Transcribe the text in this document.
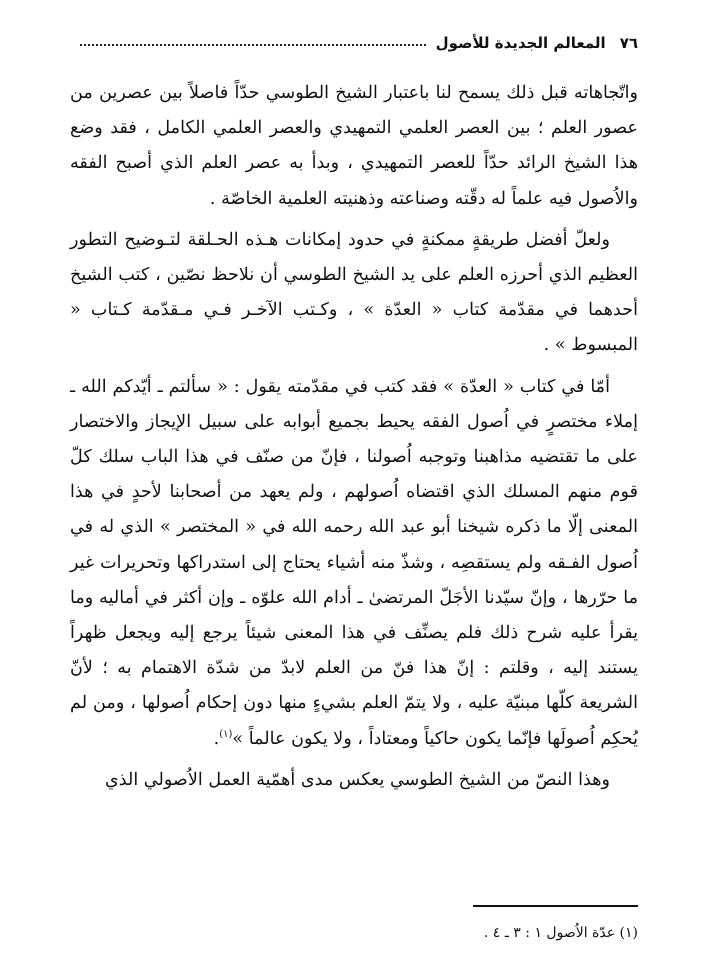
٧٦
المعالم الجديدة للأصول

واتّجاهاته قبل ذلك يسمح لنا باعتبار الشيخ الطوسي حدّاً فاصلاً بين عصرين من عصور العلم ؛ بين العصر العلمي التمهيدي والعصر العلمي الكامل ، فقد وضع هذا الشيخ الرائد حدّاً للعصر التمهيدي ، وبدأ به عصر العلم الذي أصبح الفقه والاُصول فيه علماً له دقّته وصناعته وذهنيته العلمية الخاصّة .

ولعلّ أفضل طريقةٍ ممكنةٍ في حدود إمكانات هـذه الحـلقة لتـوضيح التطور العظيم الذي أحرزه العلم على يد الشيخ الطوسي أن نلاحظ نصّين ، كتب الشيخ أحدهما في مقدّمة كتاب « العدّة » ، وكـتب الآخـر فـي مـقدّمة كـتاب « المبسوط » .

أمّا في كتاب « العدّة » فقد كتب في مقدّمته يقول : « سألتم ـ أيّدكم الله ـ إملاء مختصرٍ في اُصول الفقه يحيط بجميع أبوابه على سبيل الإيجاز والاختصار على ما تقتضيه مذاهبنا وتوجبه اُصولنا ، فإنّ من صنّف في هذا الباب سلك كلّ قوم منهم المسلك الذي اقتضاه اُصولهم ، ولم يعهد من أصحابنا لأحدٍ في هذا المعنى إلّا ما ذكره شيخنا أبو عبد الله رحمه الله في « المختصر » الذي له في اُصول الفـقه ولم يستقصِه ، وشذّ منه أشياء يحتاج إلى استدراكها وتحريرات غير ما حرّرها ، وإنّ سيّدنا الأجَلّ المرتضىٰ ـ أدام الله علوّه ـ وإن أكثر في أماليه وما يقرأ عليه شرح ذلك فلم يصنِّف في هذا المعنى شيئاً يرجع إليه ويجعل ظهراً يستند إليه ، وقلتم : إنّ هذا فنّ من العلم لابدّ من شدّة الاهتمام به ؛ لأنّ الشريعة كلّها مبنيّة عليه ، ولا يتمّ العلم بشيءٍ منها دون إحكام اُصولها ، ومن لم يُحكِم اُصولَها فإنّما يكون حاكياً ومعتاداً ، ولا يكون عالماً »$^{(١)}$.

وهذا النصّ من الشيخ الطوسي يعكس مدى أهمّية العمل الاُصولي الذي

(١) عدّة الاُصول ١ : ٣ ـ ٤ .
